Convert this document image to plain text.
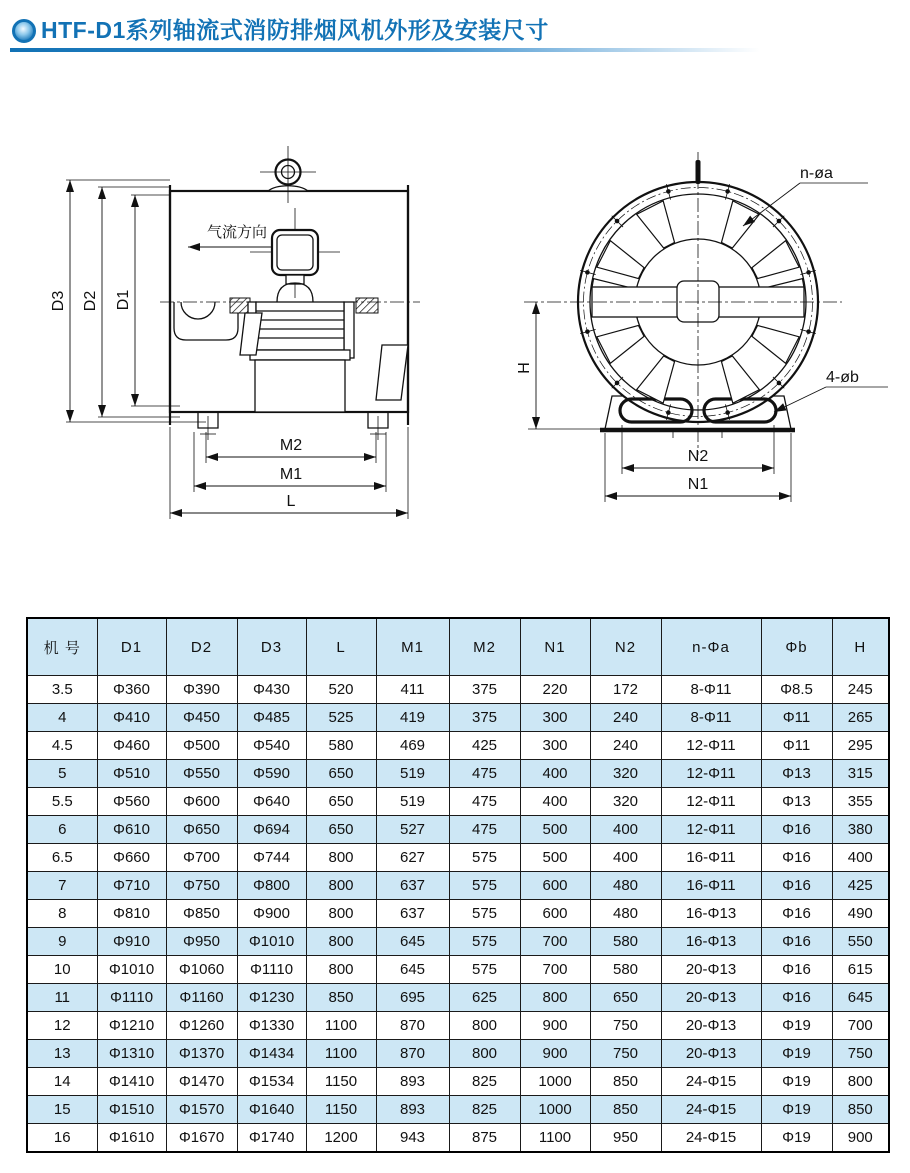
HTF-D1系列轴流式消防排烟风机外形及安装尺寸
气流方向
D3 D2 D1
M2
M1
L
H
n-øa
4-øb
N2
N1
机 号	D1	D2	D3	L	M1	M2	N1	N2	n-Φa	Φb	H
3.5	Φ360	Φ390	Φ430	520	411	375	220	172	8-Φ11	Φ8.5	245
4	Φ410	Φ450	Φ485	525	419	375	300	240	8-Φ11	Φ11	265
4.5	Φ460	Φ500	Φ540	580	469	425	300	240	12-Φ11	Φ11	295
5	Φ510	Φ550	Φ590	650	519	475	400	320	12-Φ11	Φ13	315
5.5	Φ560	Φ600	Φ640	650	519	475	400	320	12-Φ11	Φ13	355
6	Φ610	Φ650	Φ694	650	527	475	500	400	12-Φ11	Φ16	380
6.5	Φ660	Φ700	Φ744	800	627	575	500	400	16-Φ11	Φ16	400
7	Φ710	Φ750	Φ800	800	637	575	600	480	16-Φ11	Φ16	425
8	Φ810	Φ850	Φ900	800	637	575	600	480	16-Φ13	Φ16	490
9	Φ910	Φ950	Φ1010	800	645	575	700	580	16-Φ13	Φ16	550
10	Φ1010	Φ1060	Φ1110	800	645	575	700	580	20-Φ13	Φ16	615
11	Φ1110	Φ1160	Φ1230	850	695	625	800	650	20-Φ13	Φ16	645
12	Φ1210	Φ1260	Φ1330	1100	870	800	900	750	20-Φ13	Φ19	700
13	Φ1310	Φ1370	Φ1434	1100	870	800	900	750	20-Φ13	Φ19	750
14	Φ1410	Φ1470	Φ1534	1150	893	825	1000	850	24-Φ15	Φ19	800
15	Φ1510	Φ1570	Φ1640	1150	893	825	1000	850	24-Φ15	Φ19	850
16	Φ1610	Φ1670	Φ1740	1200	943	875	1100	950	24-Φ15	Φ19	900
